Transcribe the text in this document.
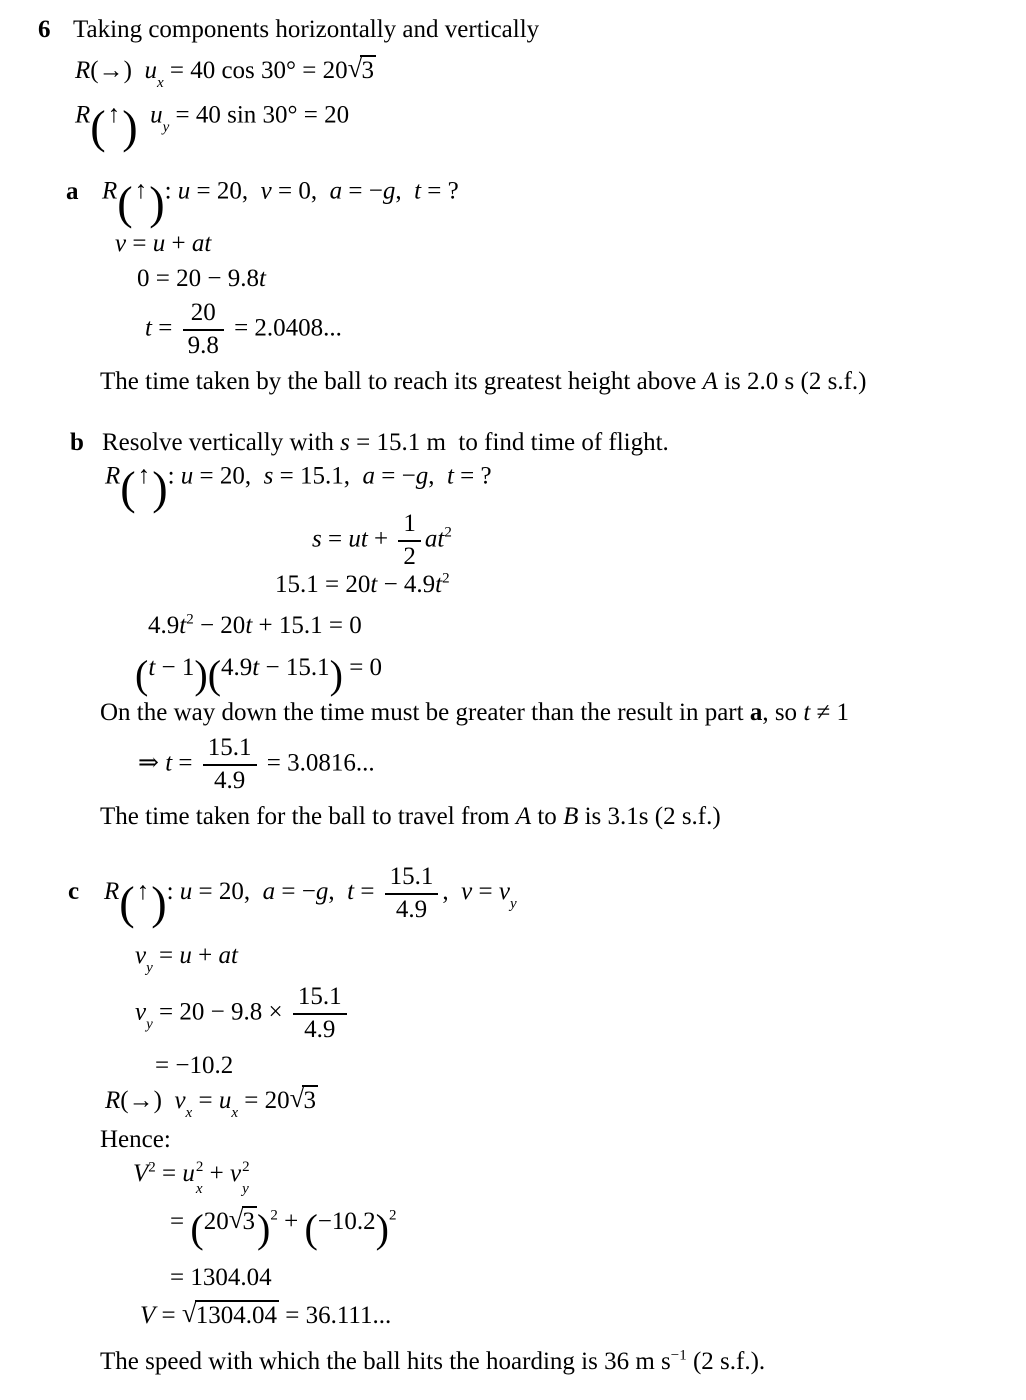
6 Taking components horizontally and vertically
R(→) $u_x = 40$ cos 30° = 20√3
R(↑)  $u_y = 40$ sin 30° = 20
a R(↑): u = 20, v = 0, a = −g, t = ?
v = u + at
0 = 20 − 9.8t
$t = \frac{20}{9.8} = 2.0408$...
The time taken by the ball to reach its greatest height above A is 2.0 s (2 s.f.)
b Resolve vertically with s = 15.1 m to find time of flight.
R(↑): u = 20, s = 15.1, a = −g, t = ?
s = ut + $\frac{1}{2} at^2$
$15.1 = 20t - 4.9t^2$
$4.9t^2 - 20t + 15.1 = 0$
(t − 1)(4.9t − 15.1) = 0
On the way down the time must be greater than the result in part a, so t ≠ 1
⇒ $t = \frac{15.1}{4.9} = 3.0816$...
The time taken for the ball to travel from A to B is 3.1s (2 s.f.)
c R(↑): u = 20, a = −g, $t = \frac{15.1}{4.9}$ , $v = v_y$
$v_y = u$ + at
$v_y = 20 - 9.8 \times \frac{15.1}{4.9}$
= −10.2
R(→) $v_x = u_x = 20√3$
Hence:
$V^2 = u$ 2
x
+ v 2
y
= $(20√3)^2 + (-10.2)^2$
= 1304.04
V = √1304.04 = 36.111...
The speed with which the ball hits the hoarding is 36 m $s^{-1}$ (2 s.f.).
